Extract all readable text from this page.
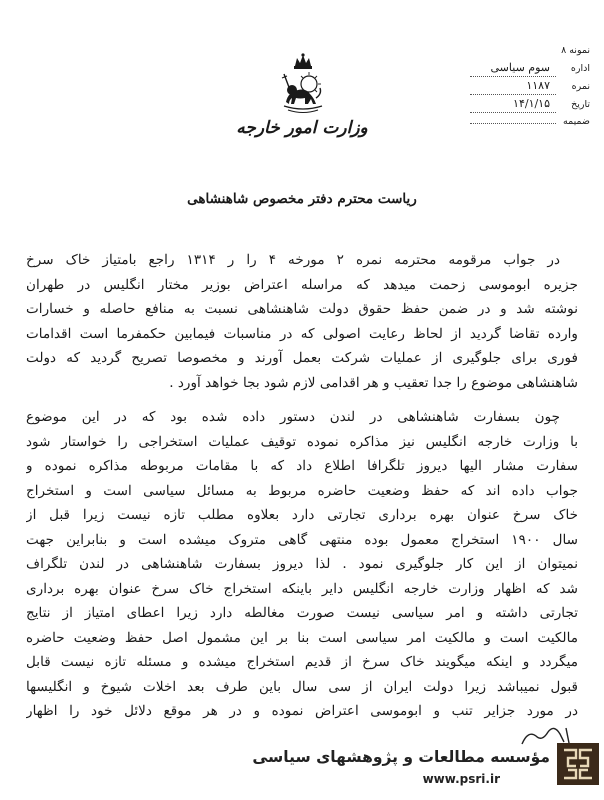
وزارت امور خارجه
نمونه ۸
اداره
سوم سیاسی
نمره
۱۱۸۷
تاریخ
۱۴/۱/۱۵
ضمیمه
ریاست محترم دفتر مخصوص شاهنشاهی
در جواب مرقومه محترمه نمره ۲ مورخه ۴ را ر ۱۳۱۴ راجع بامتیاز خاک سرخ
جزیره ابوموسی زحمت میدهد که مراسله اعتراض بوزیر مختار انگلیس در طهران
نوشته شد و در ضمن حفظ حقوق دولت شاهنشاهی نسبت به منافع حاصله و خسارات
وارده تقاضا گردید از لحاظ رعایت اصولی که در مناسبات فیمابین حکمفرما است اقدامات
فوری برای جلوگیری از عملیات شرکت بعمل آورند و مخصوصا تصریح گردید که دولت
شاهنشاهی موضوع را جدا تعقیب و هر اقدامی لازم شود بجا خواهد آورد .
چون بسفارت شاهنشاهی در لندن دستور داده شده بود که در این موضوع
با وزارت خارجه انگلیس نیز مذاکره نموده توقیف عملیات استخراجی را خواستار شود
سفارت مشار الیها دیروز تلگرافا اطلاع داد که با مقامات مربوطه مذاکره نموده و
جواب داده اند که حفظ وضعیت حاضره مربوط به مسائل سیاسی است و استخراج
خاک سرخ عنوان بهره برداری تجارتی دارد بعلاوه مطلب تازه نیست زیرا قبل از
سال ۱۹۰۰ استخراج معمول بوده منتهی گاهی متروک میشده است و بنابراین جهت
نمیتوان از این کار جلوگیری نمود . لذا دیروز بسفارت شاهنشاهی در لندن تلگراف
شد که اظهار وزارت خارجه انگلیس دایر باینکه استخراج خاک سرخ عنوان بهره برداری
تجارتی داشته و امر سیاسی نیست صورت مغالطه دارد زیرا اعطای امتیاز از نتایج
مالکیت است و مالکیت امر سیاسی است بنا بر این مشمول اصل حفظ وضعیت حاضره
میگردد و اینکه میگویند خاک سرخ از قدیم استخراج میشده و مسئله تازه نیست قابل
قبول نمیباشد زیرا دولت ایران از سی سال باین طرف بعد اخلات شیوخ و انگلیسها
در مورد جزایر تنب و ابوموسی اعتراض نموده و در هر موقع دلائل خود را اظهار
مؤسسه مطالعات و پژوهشهای سیاسی
www.psri.ir
